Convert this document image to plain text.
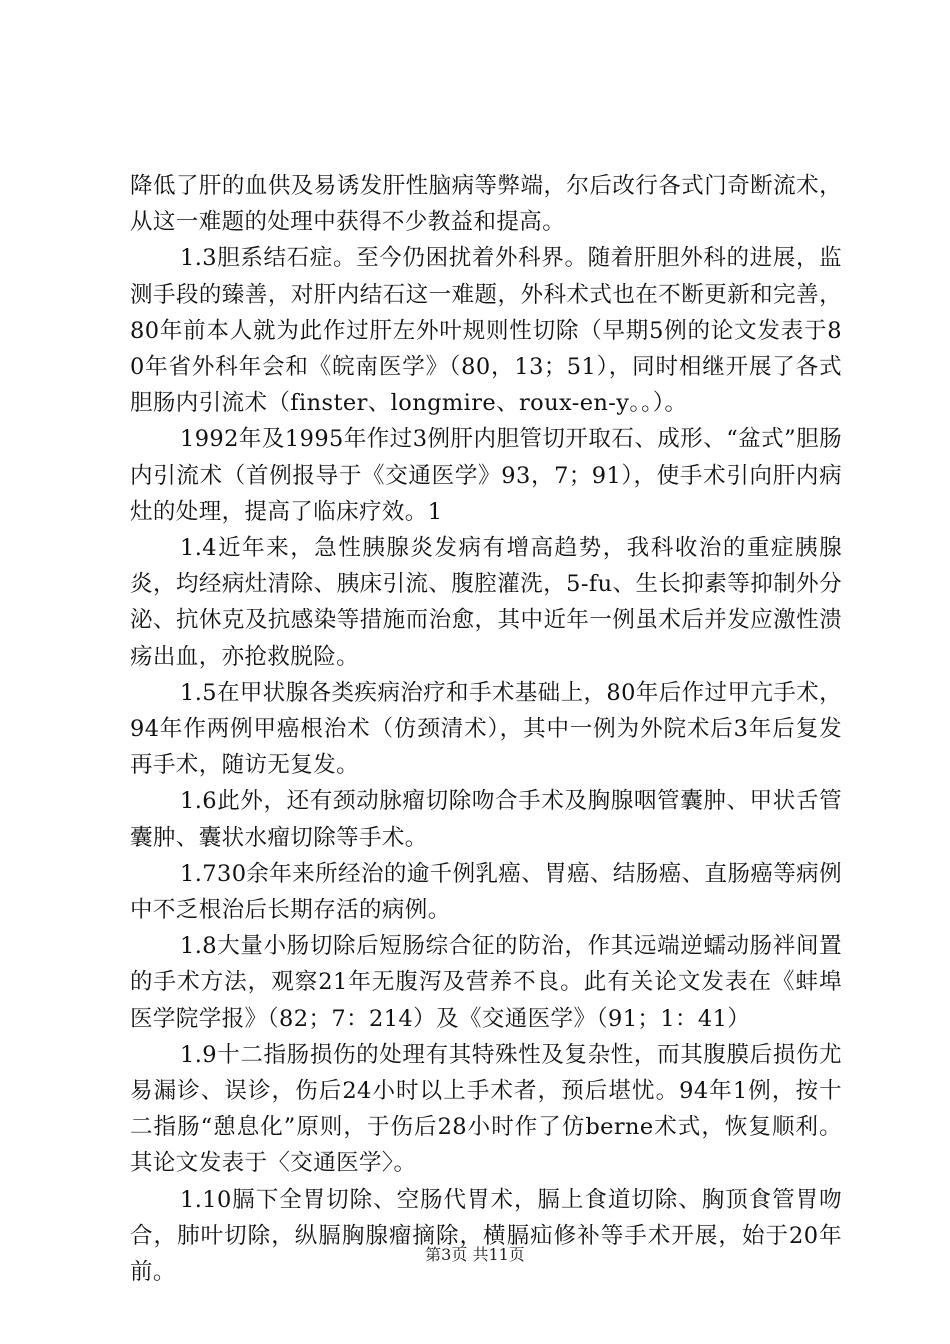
降低了肝的血供及易诱发肝性脑病等弊端，尔后改行各式门奇断流术，从这一难题的处理中获得不少教益和提高。

1.3胆系结石症。至今仍困扰着外科界。随着肝胆外科的进展，监测手段的臻善，对肝内结石这一难题，外科术式也在不断更新和完善，80年前本人就为此作过肝左外叶规则性切除（早期5例的论文发表于80年省外科年会和《皖南医学》（80，13；51），同时相继开展了各式胆肠内引流术（finster、longmire、roux-en-y。。）。

1992年及1995年作过3例肝内胆管切开取石、成形、“盆式”胆肠内引流术（首例报导于《交通医学》93，7；91），使手术引向肝内病灶的处理，提高了临床疗效。1

1.4近年来，急性胰腺炎发病有增高趋势，我科收治的重症胰腺炎，均经病灶清除、胰床引流、腹腔灌洗，5-fu、生长抑素等抑制外分泌、抗休克及抗感染等措施而治愈，其中近年一例虽术后并发应激性溃疡出血，亦抢救脱险。

1.5在甲状腺各类疾病治疗和手术基础上，80年后作过甲亢手术，94年作两例甲癌根治术（仿颈清术），其中一例为外院术后3年后复发再手术，随访无复发。

1.6此外，还有颈动脉瘤切除吻合手术及胸腺咽管囊肿、甲状舌管囊肿、囊状水瘤切除等手术。

1.730余年来所经治的逾千例乳癌、胃癌、结肠癌、直肠癌等病例中不乏根治后长期存活的病例。

1.8大量小肠切除后短肠综合征的防治，作其远端逆蠕动肠袢间置的手术方法，观察21年无腹泻及营养不良。此有关论文发表在《蚌埠医学院学报》（82；7：214）及《交通医学》（91；1：41）

1.9十二指肠损伤的处理有其特殊性及复杂性，而其腹膜后损伤尤易漏诊、误诊，伤后24小时以上手术者，预后堪忧。94年1例，按十二指肠“憩息化”原则，于伤后28小时作了仿berne术式，恢复顺利。其论文发表于〈交通医学〉。

1.10膈下全胃切除、空肠代胃术，膈上食道切除、胸顶食管胃吻合，肺叶切除，纵膈胸腺瘤摘除，横膈疝修补等手术开展，始于20年前。

第3页 共11页
